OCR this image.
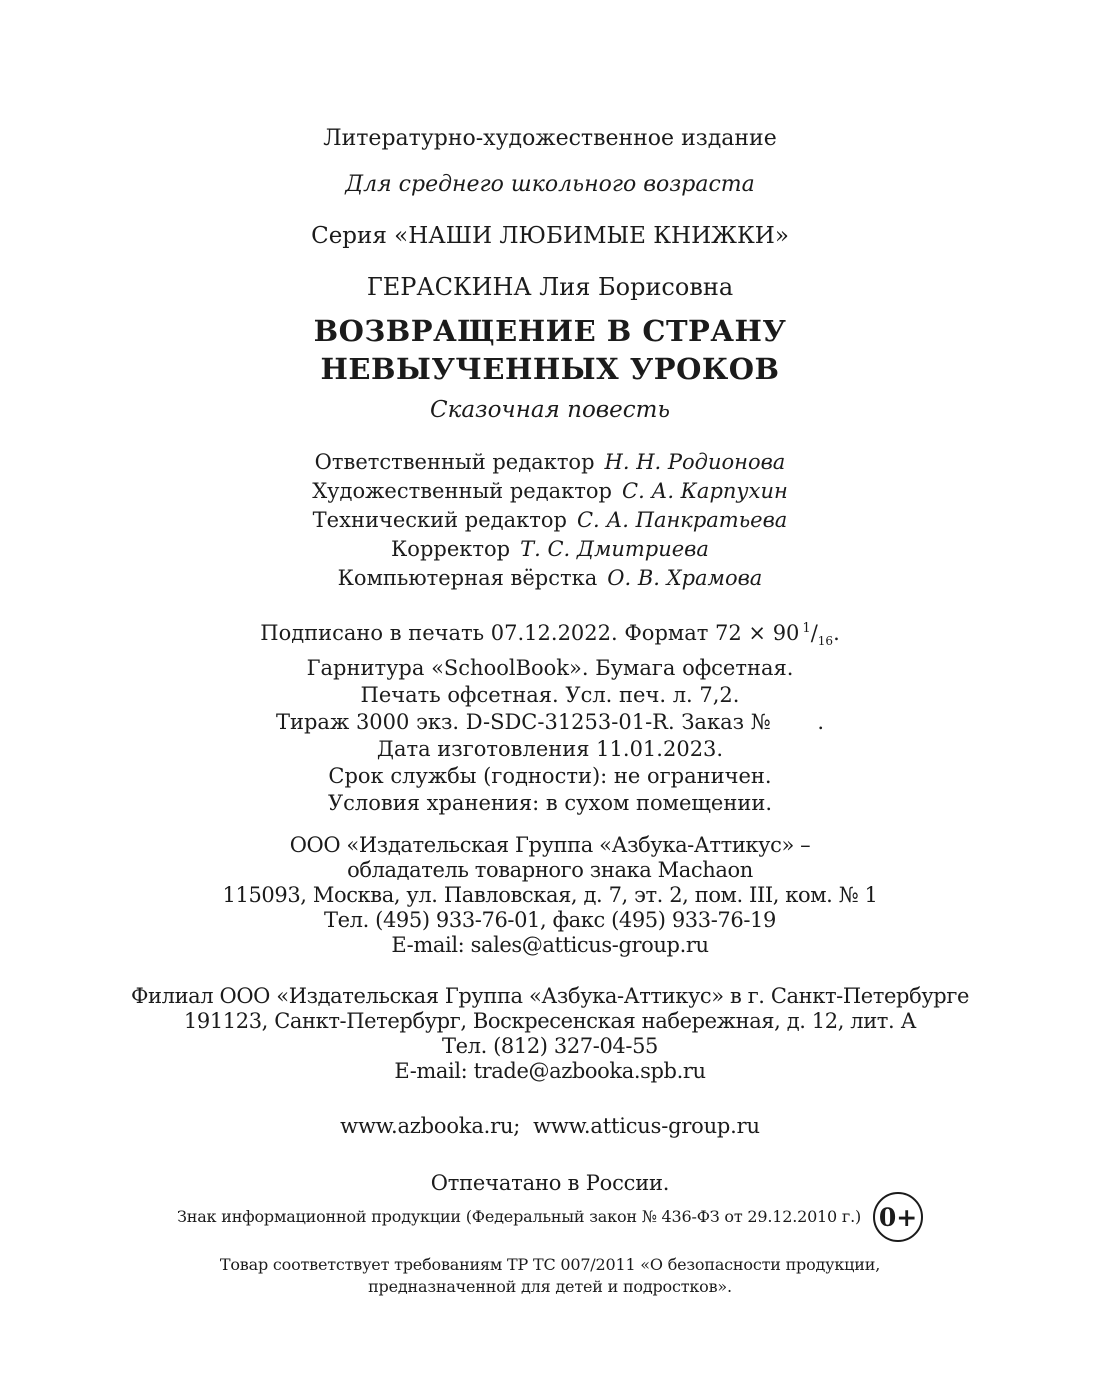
Литературно-художественное издание
Для среднего школьного возраста
Серия «НАШИ ЛЮБИМЫЕ КНИЖКИ»
ГЕРАСКИНА Лия Борисовна
ВОЗВРАЩЕНИЕ В СТРАНУ
НЕВЫУЧЕННЫХ УРОКОВ
Сказочная повесть
Ответственный редактор Н. Н. Родионова
Художественный редактор С. А. Карпухин
Технический редактор С. А. Панкратьева
Корректор Т. С. Дмитриева
Компьютерная вёрстка О. В. Храмова
Подписано в печать 07.12.2022. Формат 72 × 90 $^1/_{16}$.
Гарнитура «SchoolBook». Бумага офсетная.
Печать офсетная. Усл. печ. л. 7,2.
Тираж 3000 экз. D-SDC-31253-01-R. Заказ №       .
Дата изготовления 11.01.2023.
Срок службы (годности): не ограничен.
Условия хранения: в сухом помещении.
ООО «Издательская Группа «Азбука-Аттикус» –
обладатель товарного знака Machaon
115093, Москва, ул. Павловская, д. 7, эт. 2, пом. III, ком. № 1
Тел. (495) 933-76-01, факс (495) 933-76-19
E-mail: sales@atticus-group.ru
Филиал ООО «Издательская Группа «Азбука-Аттикус» в г. Санкт-Петербурге
191123, Санкт-Петербург, Воскресенская набережная, д. 12, лит. А
Тел. (812) 327-04-55
E-mail: trade@azbooka.spb.ru
www.azbooka.ru;  www.atticus-group.ru
Отпечатано в России.
Знак информационной продукции (Федеральный закон № 436-ФЗ от 29.12.2010 г.) 0+
Товар соответствует требованиям ТР ТС 007/2011 «О безопасности продукции,
предназначенной для детей и подростков».
